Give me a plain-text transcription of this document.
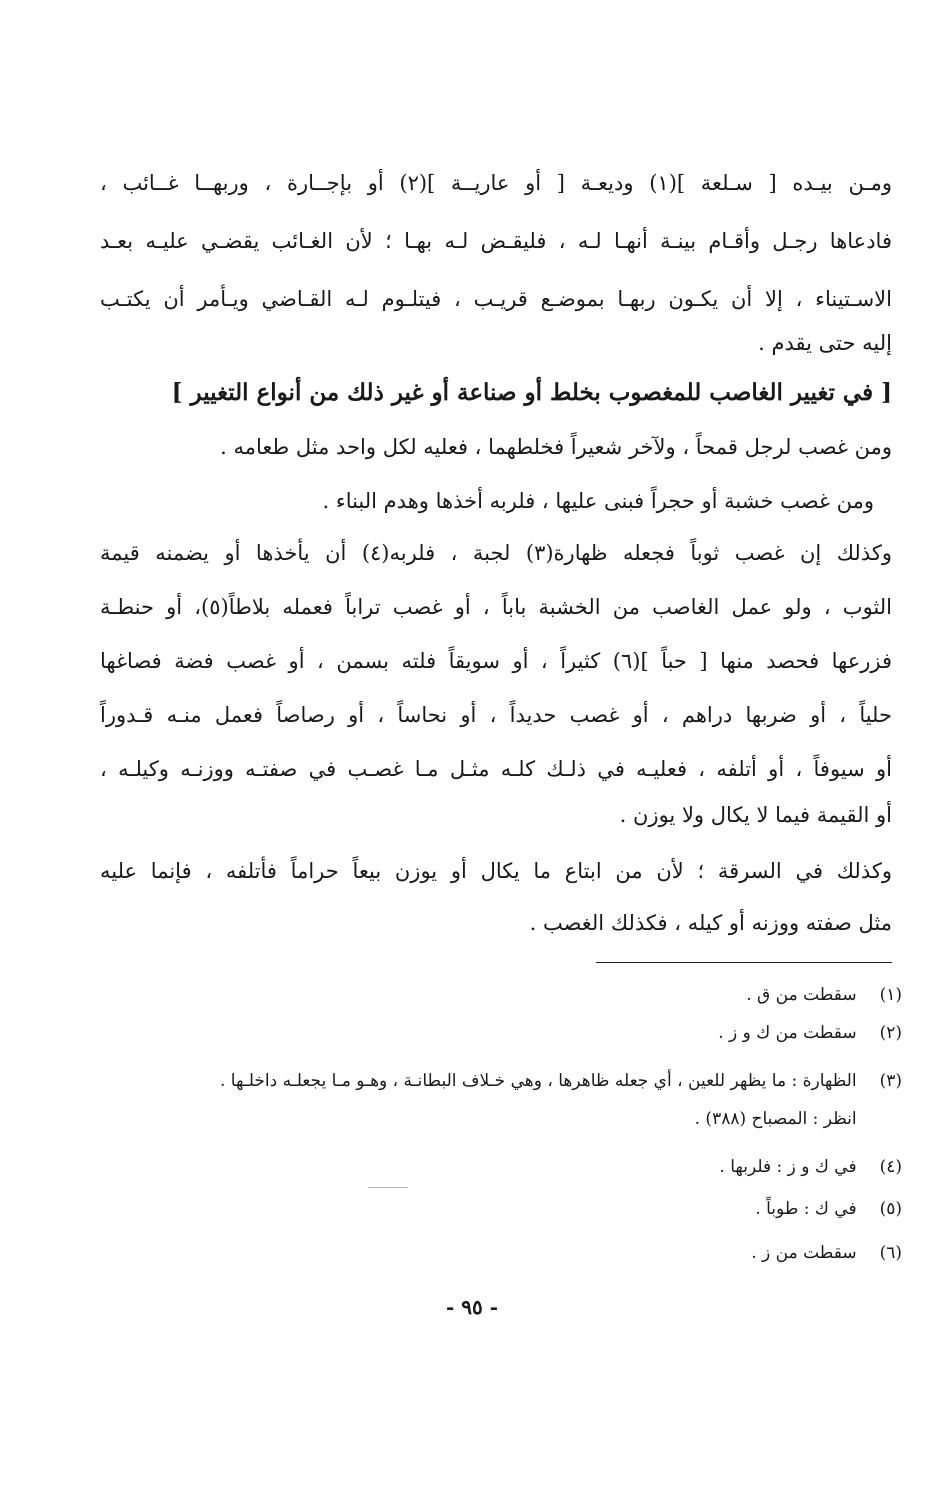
ومـن بيـده [ سـلعة ](١) وديعـة [ أو عاريــة ](٢) أو بإجــارة ، وربهــا غــائب ،
فادعاها رجـل وأقـام بينـة أنهـا لـه ، فليقـض لـه بهـا ؛ لأن الغـائب يقضـي عليـه بعـد
الاسـتيناء ، إلا أن يكـون ربهـا بموضـع قريـب ، فيتلـوم لـه القـاضي ويـأمر أن يكتـب
إليه حتى يقدم .
[ في تغيير الغاصب للمغصوب بخلط أو صناعة أو غير ذلك من أنواع التغيير ]
ومن غصب لرجل قمحاً ، ولآخر شعيراً فخلطهما ، فعليه لكل واحد مثل طعامه .
ومن غصب خشبة أو حجراً فبنى عليها ، فلربه أخذها وهدم البناء .
وكذلك إن غصب ثوباً فجعله ظهارة(٣) لجبة ، فلربه(٤) أن يأخذها أو يضمنه قيمة
الثوب ، ولو عمل الغاصب من الخشبة باباً ، أو غصب تراباً فعمله بلاطاً(٥)، أو حنطـة
فزرعها فحصد منها [ حباً ](٦) كثيراً ، أو سويقاً فلته بسمن ، أو غصب فضة فصاغها
حلياً ، أو ضربها دراهم ، أو غصب حديداً ، أو نحاساً ، أو رصاصاً فعمل منـه قـدوراً
أو سيوفاً ، أو أتلفه ، فعليـه في ذلـك كلـه مثـل مـا غصـب في صفتـه ووزنـه وكيلـه ،
أو القيمة فيما لا يكال ولا يوزن .
وكذلك في السرقة ؛ لأن من ابتاع ما يكال أو يوزن بيعاً حراماً فأتلفه ، فإنما عليه
مثل صفته ووزنه أو كيله ، فكذلك الغصب .
(١) سقطت من ق .
(٢) سقطت من ك و ز .
(٣) الظهارة : ما يظهر للعين ، أي جعله ظاهرها ، وهي خـلاف البطانـة ، وهـو مـا يجعلـه داخلـها .
انظر : المصباح (٣٨٨) .
(٤) في ك و ز : فلربها .
(٥) في ك : طوباً .
(٦) سقطت من ز .
- ٩٥ -
